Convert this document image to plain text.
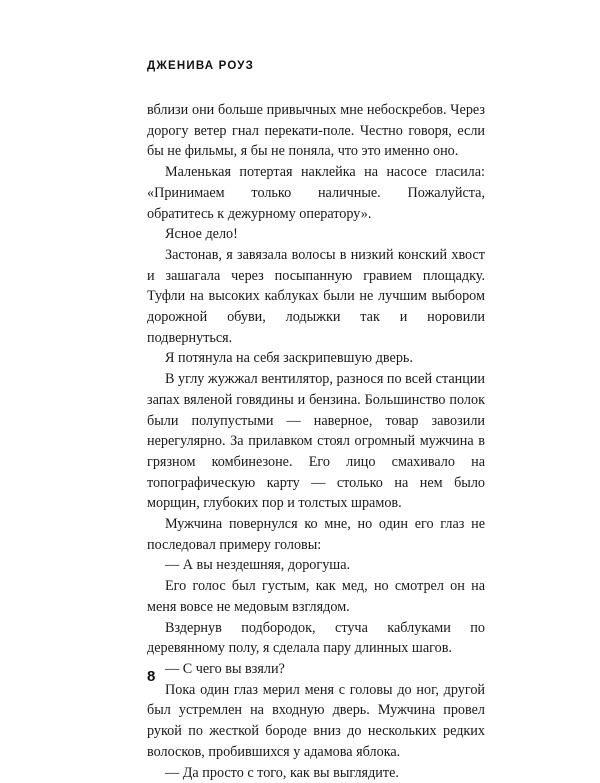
ДЖЕНИВА РОУЗ

вблизи они больше привычных мне небоскребов. Через дорогу ветер гнал перекати-поле. Честно говоря, если бы не фильмы, я бы не поняла, что это именно оно.

Маленькая потертая наклейка на насосе гласила: «Принимаем только наличные. Пожалуйста, обратитесь к дежурному оператору».

Ясное дело!

Застонав, я завязала волосы в низкий конский хвост и зашагала через посыпанную гравием площадку. Туфли на высоких каблуках были не лучшим выбором дорожной обуви, лодыжки так и норовили подвернуться.

Я потянула на себя заскрипевшую дверь.

В углу жужжал вентилятор, разнося по всей станции запах вяленой говядины и бензина. Большинство полок были полупустыми — наверное, товар завозили нерегулярно. За прилавком стоял огромный мужчина в грязном комбинезоне. Его лицо смахивало на топографическую карту — столько на нем было морщин, глубоких пор и толстых шрамов.

Мужчина повернулся ко мне, но один его глаз не последовал примеру головы:

— А вы нездешняя, дорогуша.

Его голос был густым, как мед, но смотрел он на меня вовсе не медовым взглядом.

Вздернув подбородок, стуча каблуками по деревянному полу, я сделала пару длинных шагов.

— С чего вы взяли?

Пока один глаз мерил меня с головы до ног, другой был устремлен на входную дверь. Мужчина провел рукой по жесткой бороде вниз до нескольких редких волосков, пробившихся у адамова яблока.

— Да просто с того, как вы выглядите.

8
